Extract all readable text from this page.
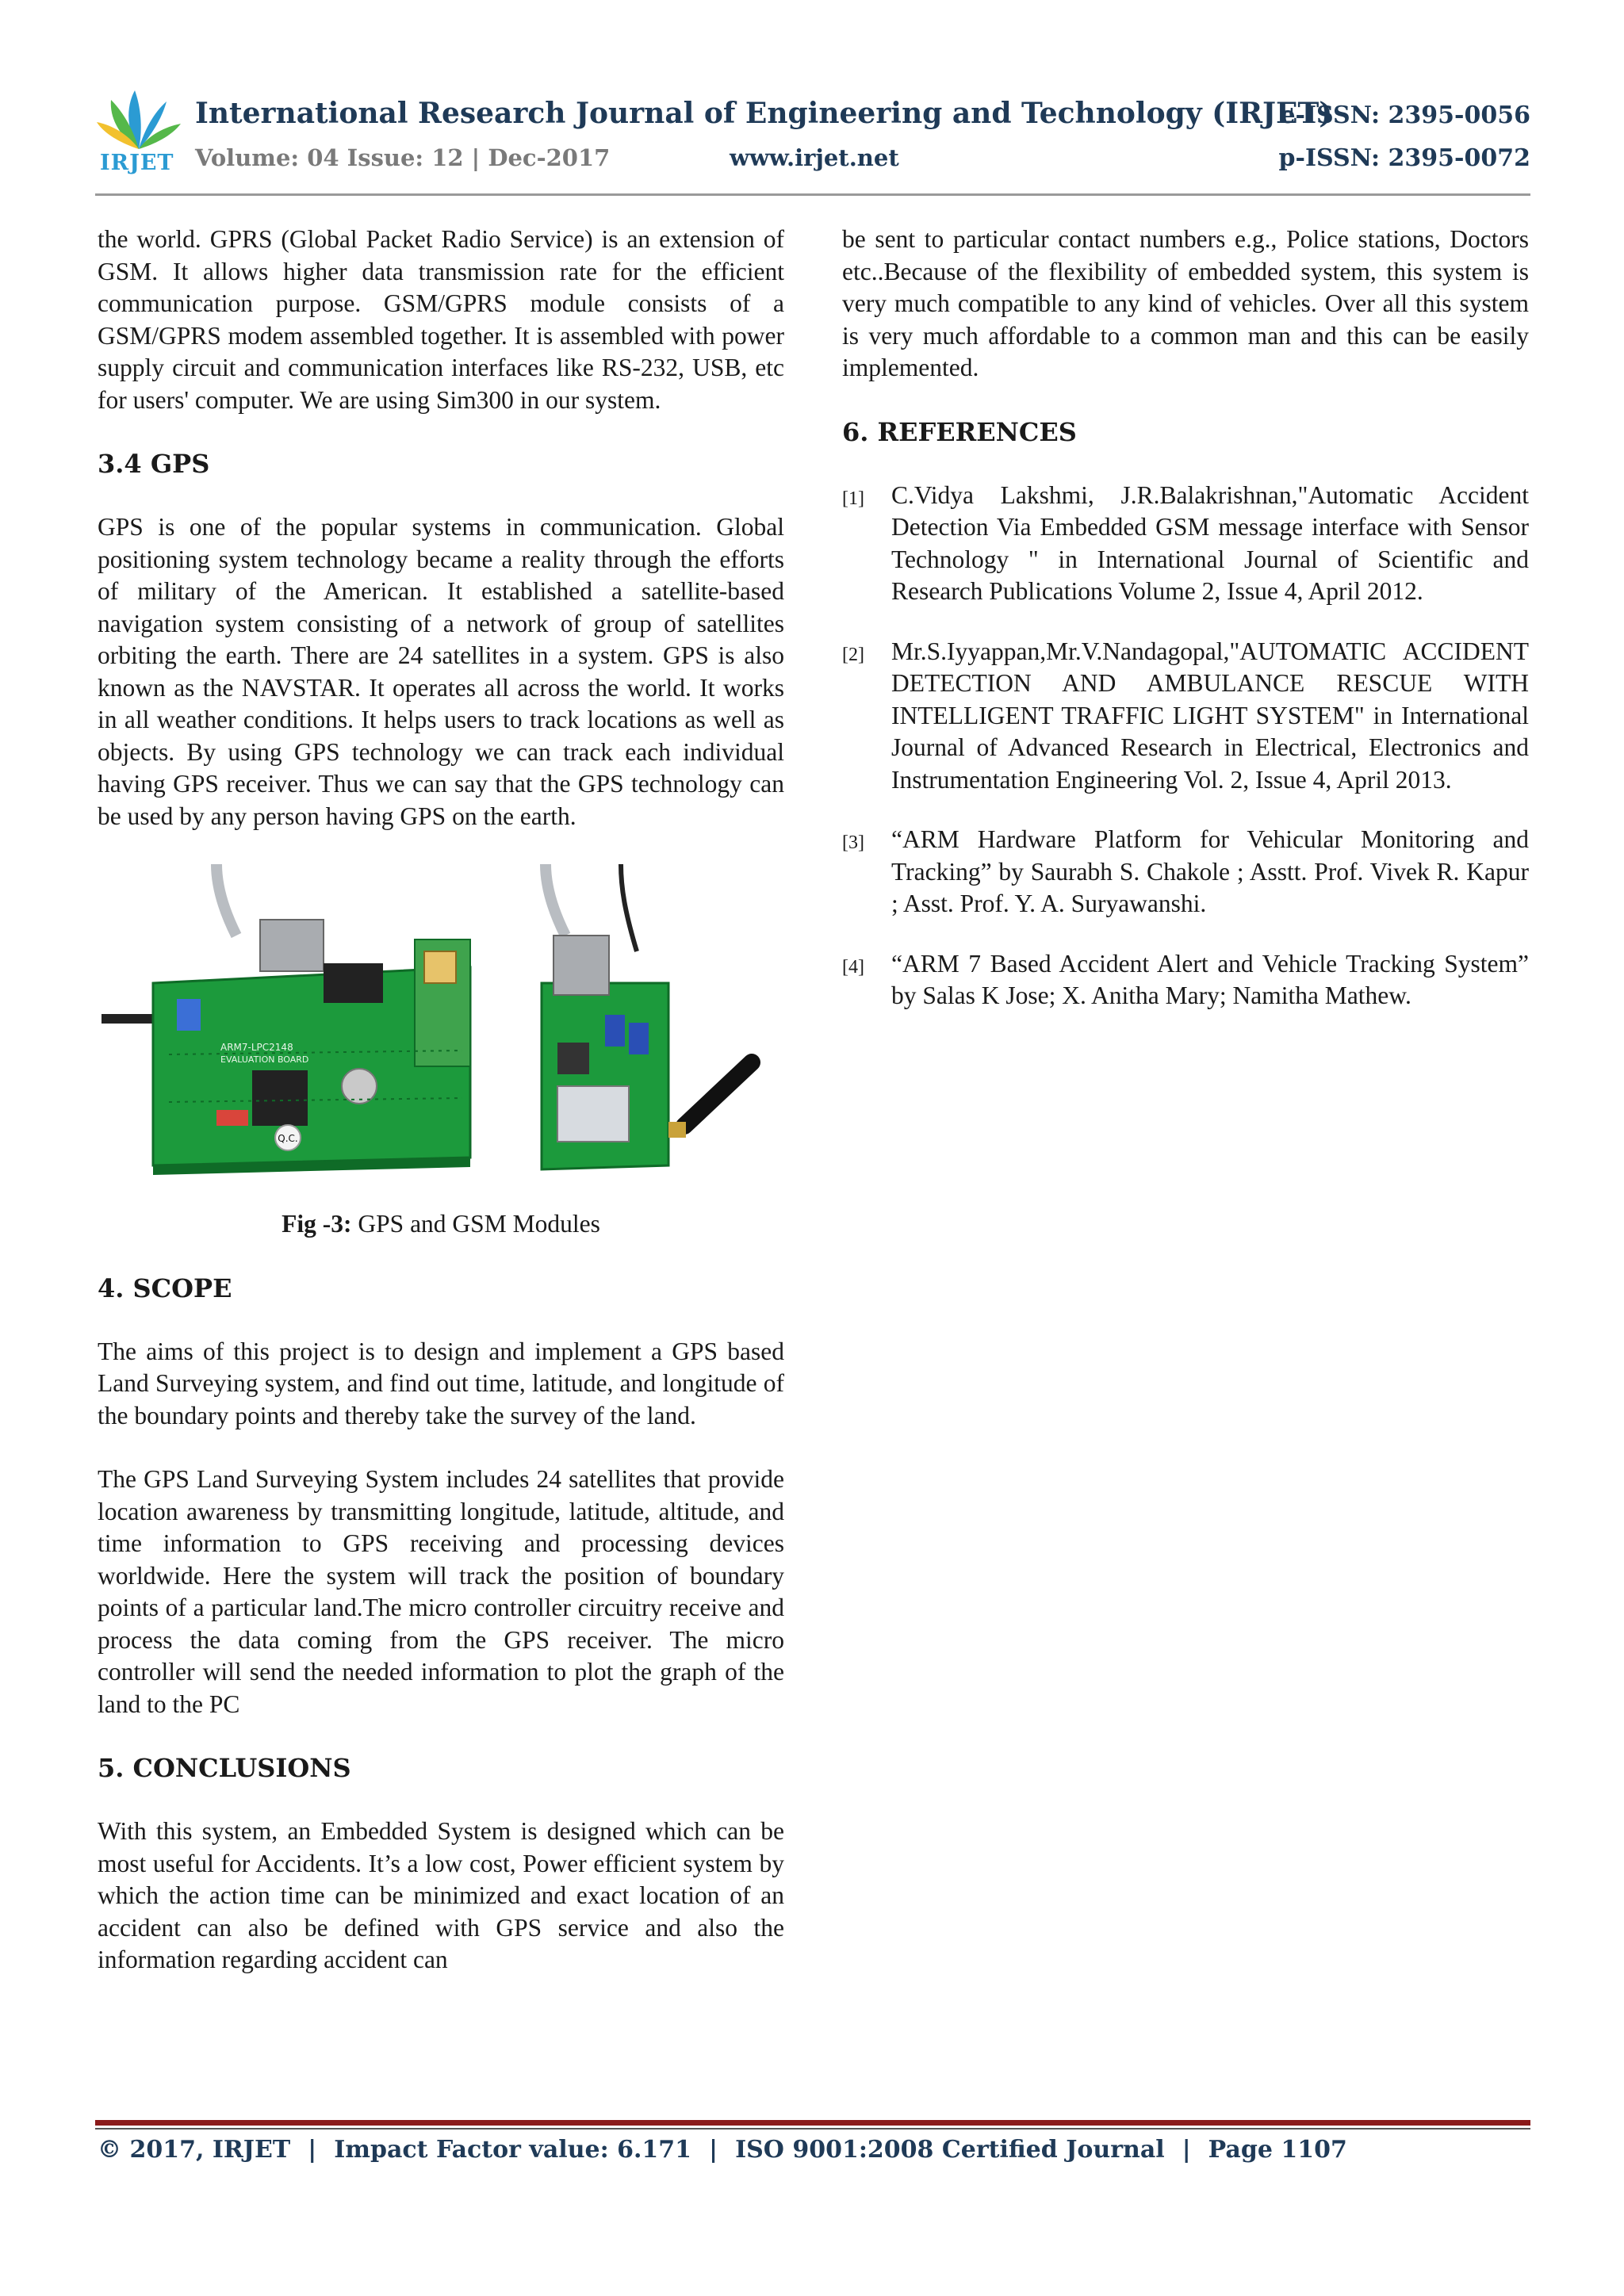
IRJET
International Research Journal of Engineering and Technology (IRJET)
Volume: 04 Issue: 12 | Dec-2017	www.irjet.net
e-ISSN: 2395-0056
p-ISSN: 2395-0072

the world. GPRS (Global Packet Radio Service) is an extension of GSM. It allows higher data transmission rate for the efficient communication purpose. GSM/GPRS module consists of a GSM/GPRS modem assembled together. It is assembled with power supply circuit and communication interfaces like RS-232, USB, etc for users' computer. We are using Sim300 in our system.

3.4 GPS

GPS is one of the popular systems in communication. Global positioning system technology became a reality through the efforts of military of the American. It established a satellite-based navigation system consisting of a network of group of satellites orbiting the earth. There are 24 satellites in a system. GPS is also known as the NAVSTAR. It operates all across the world. It works in all weather conditions. It helps users to track locations as well as objects. By using GPS technology we can track each individual having GPS receiver. Thus we can say that the GPS technology can be used by any person having GPS on the earth.

Q.C.
ARM7-LPC2148
EVALUATION BOARD

Fig -3: GPS and GSM Modules

4. SCOPE

The aims of this project is to design and implement a GPS based Land Surveying system, and find out time, latitude, and longitude of the boundary points and thereby take the survey of the land.

The GPS Land Surveying System includes 24 satellites that provide location awareness by transmitting longitude, latitude, altitude, and time information to GPS receiving and processing devices worldwide. Here the system will track the position of boundary points of a particular land.The micro controller circuitry receive and process the data coming from the GPS receiver. The micro controller will send the needed information to plot the graph of the land to the PC

5. CONCLUSIONS

With this system, an Embedded System is designed which can be most useful for Accidents. It’s a low cost, Power efficient system by which the action time can be minimized and exact location of an accident can also be defined with GPS service and also the information regarding accident can

be sent to particular contact numbers e.g., Police stations, Doctors etc..Because of the flexibility of embedded system, this system is very much compatible to any kind of vehicles. Over all this system is very much affordable to a common man and this can be easily implemented.

6. REFERENCES
[1]	C.Vidya Lakshmi, J.R.Balakrishnan,"Automatic Accident Detection Via Embedded GSM message interface with Sensor Technology " in International Journal of Scientific and Research Publications Volume 2, Issue 4, April 2012.
[2]	Mr.S.Iyyappan,Mr.V.Nandagopal,"AUTOMATIC ACCIDENT DETECTION AND AMBULANCE RESCUE WITH INTELLIGENT TRAFFIC LIGHT SYSTEM" in International Journal of Advanced Research in Electrical, Electronics and Instrumentation Engineering Vol. 2, Issue 4, April 2013.
[3]	“ARM Hardware Platform for Vehicular Monitoring and Tracking” by Saurabh S. Chakole ; Asstt. Prof. Vivek R. Kapur ; Asst. Prof. Y. A. Suryawanshi.
[4]	“ARM 7 Based Accident Alert and Vehicle Tracking System” by Salas K Jose; X. Anitha Mary; Namitha Mathew.
© 2017, IRJET | Impact Factor value: 6.171 | ISO 9001:2008 Certified Journal | Page 1107
